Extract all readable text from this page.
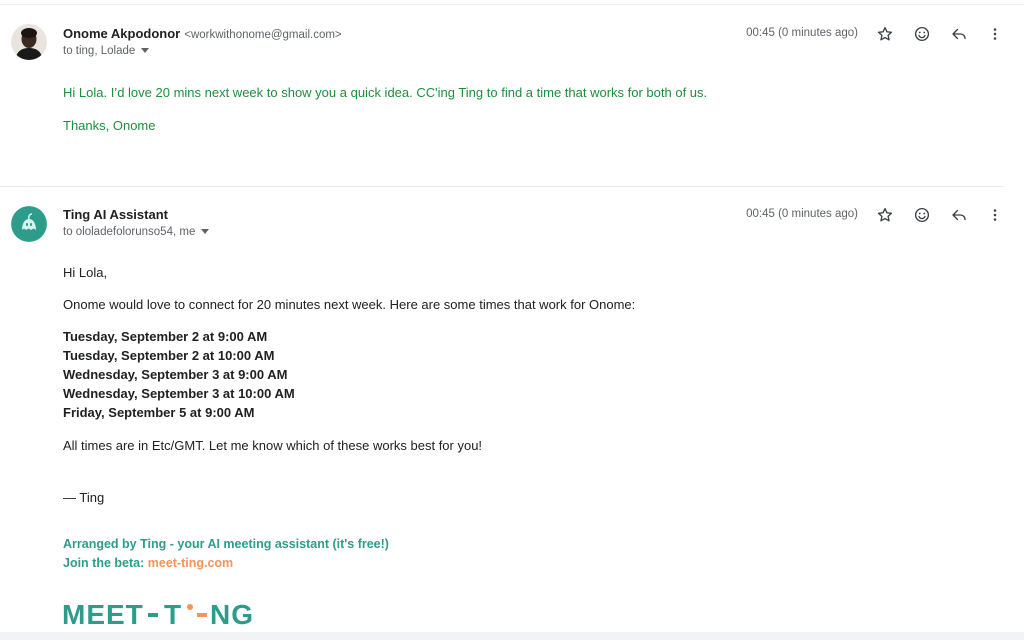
Onome Akpodonor <workwithonome@gmail.com>
to ting, Lolade
00:45 (0 minutes ago)
Hi Lola. I’d love 20 mins next week to show you a quick idea. CC'ing Ting to find a time that works for both of us.
Thanks, Onome
Ting AI Assistant
to ololadefolorunso54, me
00:45 (0 minutes ago)
Hi Lola,
Onome would love to connect for 20 minutes next week. Here are some times that work for Onome:
Tuesday, September 2 at 9:00 AM
Tuesday, September 2 at 10:00 AM
Wednesday, September 3 at 9:00 AM
Wednesday, September 3 at 10:00 AM
Friday, September 5 at 9:00 AM
All times are in Etc/GMT. Let me know which of these works best for you!
— Ting
Arranged by Ting - your AI meeting assistant (it's free!)
Join the beta: meet-ting.com
MEET T NG
